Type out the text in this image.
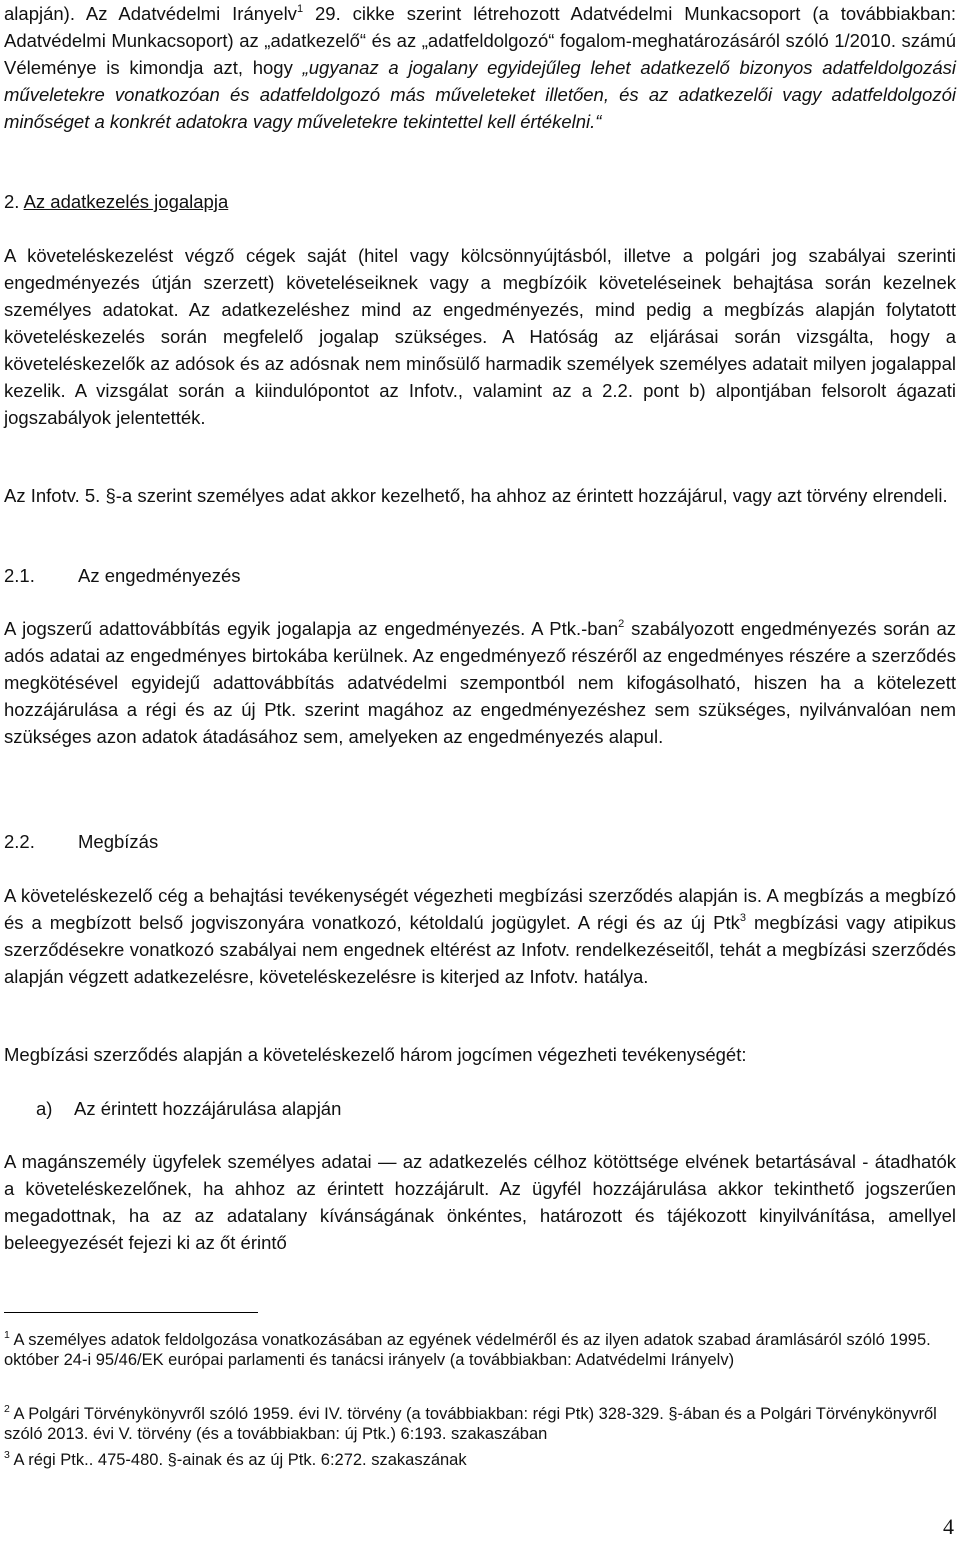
alapján). Az Adatvédelmi Irányelv$^1$ 29. cikke szerint létrehozott Adatvédelmi Munkacsoport (a továbbiakban: Adatvédelmi Munkacsoport) az „adatkezelő“ és az „adatfeldolgozó“ fogalom-meghatározásáról szóló 1/2010. számú Véleménye is kimondja azt, hogy „ugyanaz a jogalany egyidejűleg lehet adatkezelő bizonyos adatfeldolgozási műveletekre vonatkozóan és adatfeldolgozó más műveleteket illetően, és az adatkezelői vagy adatfeldolgozói minőséget a konkrét adatokra vagy műveletekre tekintettel kell értékelni.“

2. Az adatkezelés jogalapja

A követeléskezelést végző cégek saját (hitel vagy kölcsönnyújtásból, illetve a polgári jog szabályai szerinti engedményezés útján szerzett) követeléseiknek vagy a megbízóik követeléseinek behajtása során kezelnek személyes adatokat. Az adatkezeléshez mind az engedményezés, mind pedig a megbízás alapján folytatott követeléskezelés során megfelelő jogalap szükséges. A Hatóság az eljárásai során vizsgálta, hogy a követeléskezelők az adósok és az adósnak nem minősülő harmadik személyek személyes adatait milyen jogalappal kezelik. A vizsgálat során a kiindulópontot az Infotv., valamint az a 2.2. pont b) alpontjában felsorolt ágazati jogszabályok jelentették.

Az Infotv. 5. §-a szerint személyes adat akkor kezelhető, ha ahhoz az érintett hozzájárul, vagy azt törvény elrendeli.

2.1. Az engedményezés

A jogszerű adattovábbítás egyik jogalapja az engedményezés. A Ptk.-ban$^2$ szabályozott engedményezés során az adós adatai az engedményes birtokába kerülnek. Az engedményező részéről az engedményes részére a szerződés megkötésével egyidejű adattovábbítás adatvédelmi szempontból nem kifogásolható, hiszen ha a kötelezett hozzájárulása a régi és az új Ptk. szerint magához az engedményezéshez sem szükséges, nyilvánvalóan nem szükséges azon adatok átadásához sem, amelyeken az engedményezés alapul.

2.2. Megbízás

A követeléskezelő cég a behajtási tevékenységét végezheti megbízási szerződés alapján is. A megbízás a megbízó és a megbízott belső jogviszonyára vonatkozó, kétoldalú jogügylet. A régi és az új Ptk$^3$ megbízási vagy atipikus szerződésekre vonatkozó szabályai nem engednek eltérést az Infotv. rendelkezéseitől, tehát a megbízási szerződés alapján végzett adatkezelésre, követeléskezelésre is kiterjed az Infotv. hatálya.

Megbízási szerződés alapján a követeléskezelő három jogcímen végezheti tevékenységét:

a) Az érintett hozzájárulása alapján

A magánszemély ügyfelek személyes adatai — az adatkezelés célhoz kötöttsége elvének betartásával - átadhatók a követeléskezelőnek, ha ahhoz az érintett hozzájárult. Az ügyfél hozzájárulása akkor tekinthető jogszerűen megadottnak, ha az az adatalany kívánságának önkéntes, határozott és tájékozott kinyilvánítása, amellyel beleegyezését fejezi ki az őt érintő

$^1$ A személyes adatok feldolgozása vonatkozásában az egyének védelméről és az ilyen adatok szabad áramlásáról szóló 1995. október 24-i 95/46/EK európai parlamenti és tanácsi irányelv (a továbbiakban: Adatvédelmi Irányelv)

$^2$ A Polgári Törvénykönyvről szóló 1959. évi IV. törvény (a továbbiakban: régi Ptk) 328-329. §-ában és a Polgári Törvénykönyvről szóló 2013. évi V. törvény (és a továbbiakban: új Ptk.) 6:193. szakaszában

$^3$ A régi Ptk.. 475-480. §-ainak és az új Ptk. 6:272. szakaszának

4
